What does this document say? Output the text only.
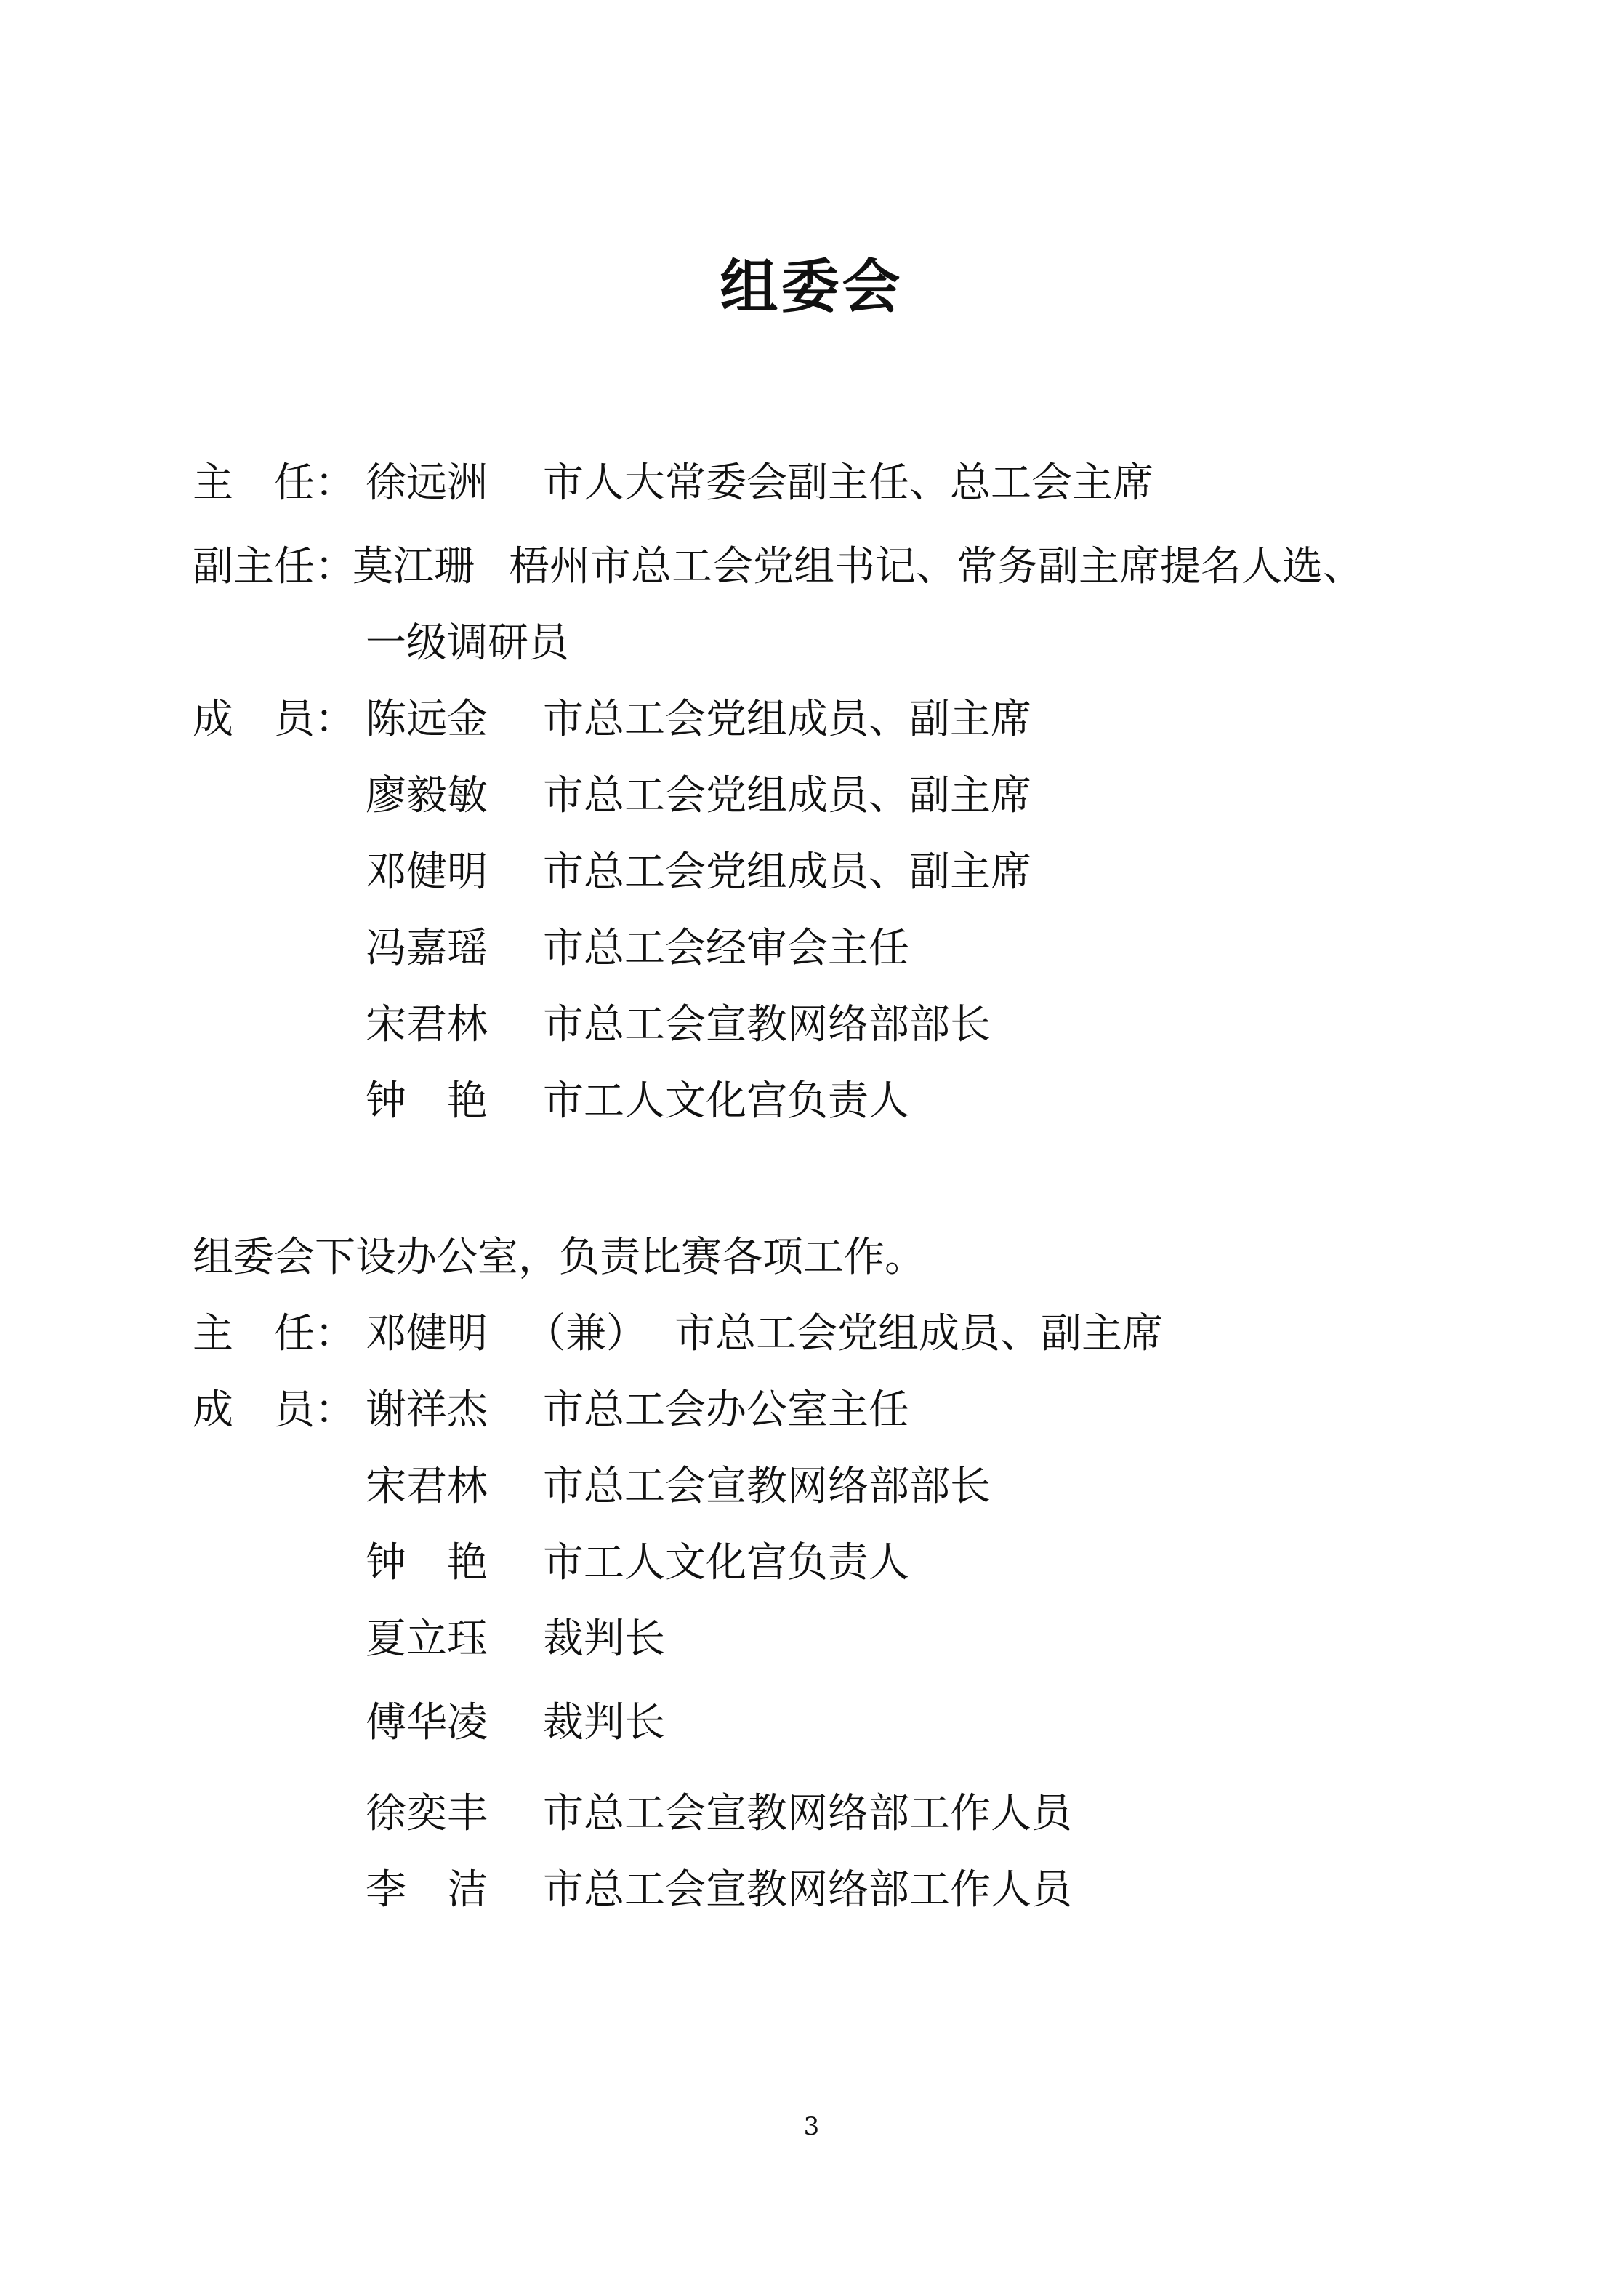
组委会
主　任： 徐远洲 市人大常委会副主任、总工会主席
副主任：
莫江珊 梧州市总工会党组书记、常务副主席提名人选、
一级调研员
成　员： 陈远金 市总工会党组成员、副主席
廖毅敏 市总工会党组成员、副主席
邓健明 市总工会党组成员、副主席
冯嘉瑶 市总工会经审会主任
宋君林 市总工会宣教网络部部长
钟　艳 市工人文化宫负责人
组委会下设办公室，负责比赛各项工作。
主　任： 邓健明 （兼） 市总工会党组成员、副主席
成　员： 谢祥杰 市总工会办公室主任
宋君林 市总工会宣教网络部部长
钟　艳 市工人文化宫负责人
夏立珏 裁判长
傅华凌 裁判长
徐奕丰 市总工会宣教网络部工作人员
李　洁 市总工会宣教网络部工作人员
3
